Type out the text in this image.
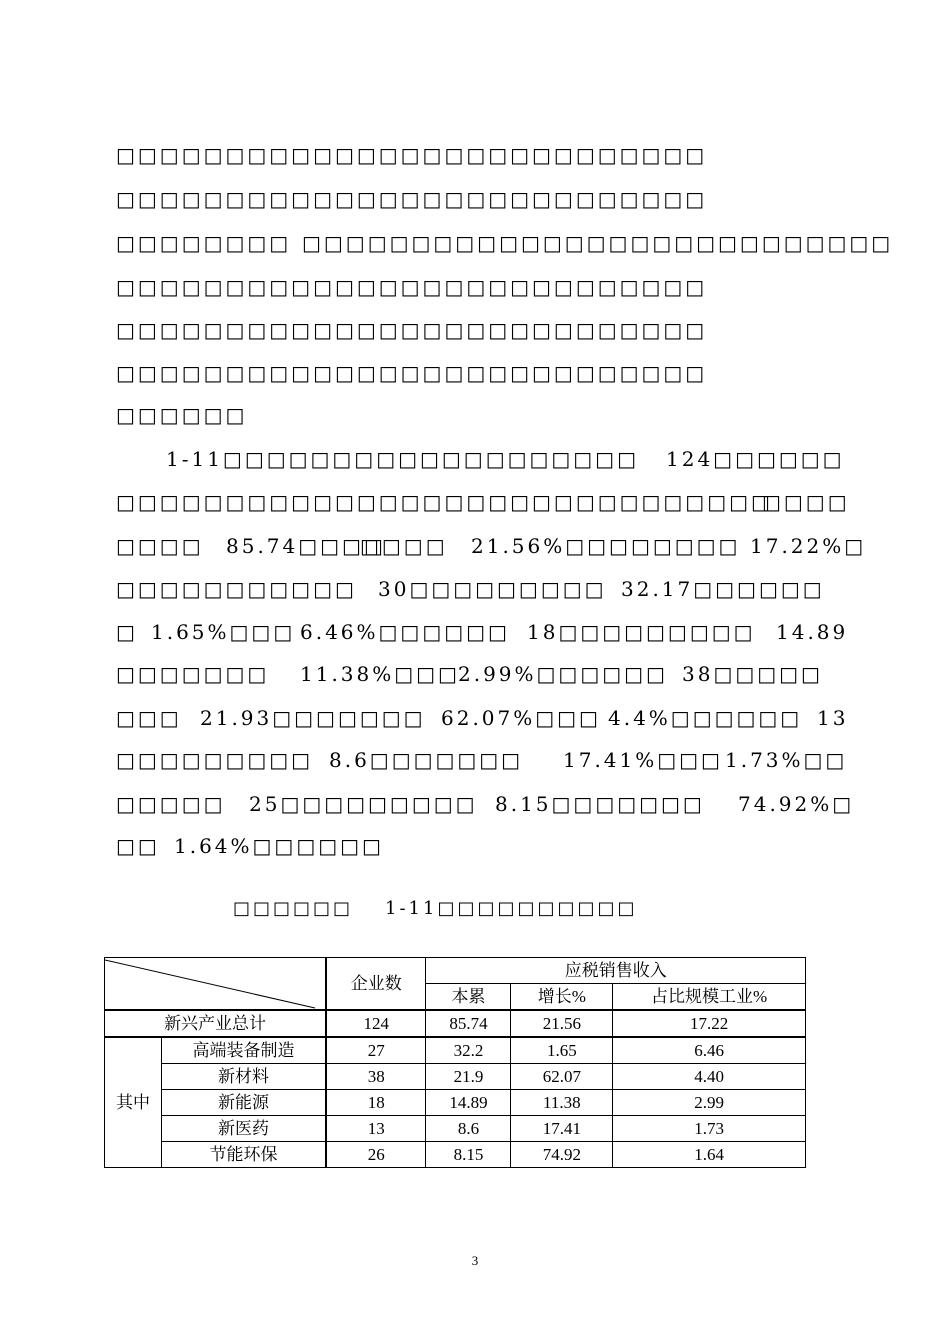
□□□□□□□□□□□□□□□□□□□□□□□□□□□
□□□□□□□□□□□□□□□□□□□□□□□□□□□
□□□□□□□□ □□□□□□□□□□□□□□□□□□□□□□□□□□□
□□□□□□□□□□□□□□□□□□□□□□□□□□□
□□□□□□□□□□□□□□□□□□□□□□□□□□□
□□□□□□□□□□□□□□□□□□□□□□□□□□□
□□□□□□
1-11□□□□□□□□□□□□□□□□□□□ 124□□□□□□
□□□□□□□□□□□□□□□□□□□□□□□□□□□□□□
□□□□
□□□□ 85.74□□□□
□□□□ 21.56%□□□□□□□□ 17.22%□
□□□□□□□□□□□ 30□□□□□□□□□ 32.17□□□□□□
□ 1.65%□□□ 6.46%□□□□□□ 18□□□□□□□□□ 14.89
□□□□□□□ 11.38%□□□
2.99%□□□□□□ 38□□□□□
□□□ 21.93□□□□□□□ 62.07%□□□ 4.4%□□□□□□ 13
□□□□□□□□□ 8.6□□□□□□□ 17.41%□□□ 1.73%□□
□□□□□ 25□□□□□□□□□ 8.15□□□□□□□ 74.92%□
□□ 1.64%□□□□□□
□□□□□□ 1-11□□□□□□□□□□
	企业数	应税销售收入		
			本累	增长%	占比规模工业%
新兴产业总计		124	85.74	21.56	17.22
其中	高端装备制造	27	32.2	1.65	6.46
	新材料	38	21.9	62.07	4.40
	新能源	18	14.89	11.38	2.99
	新医药	13	8.6	17.41	1.73
	节能环保	26	8.15	74.92	1.64
3
